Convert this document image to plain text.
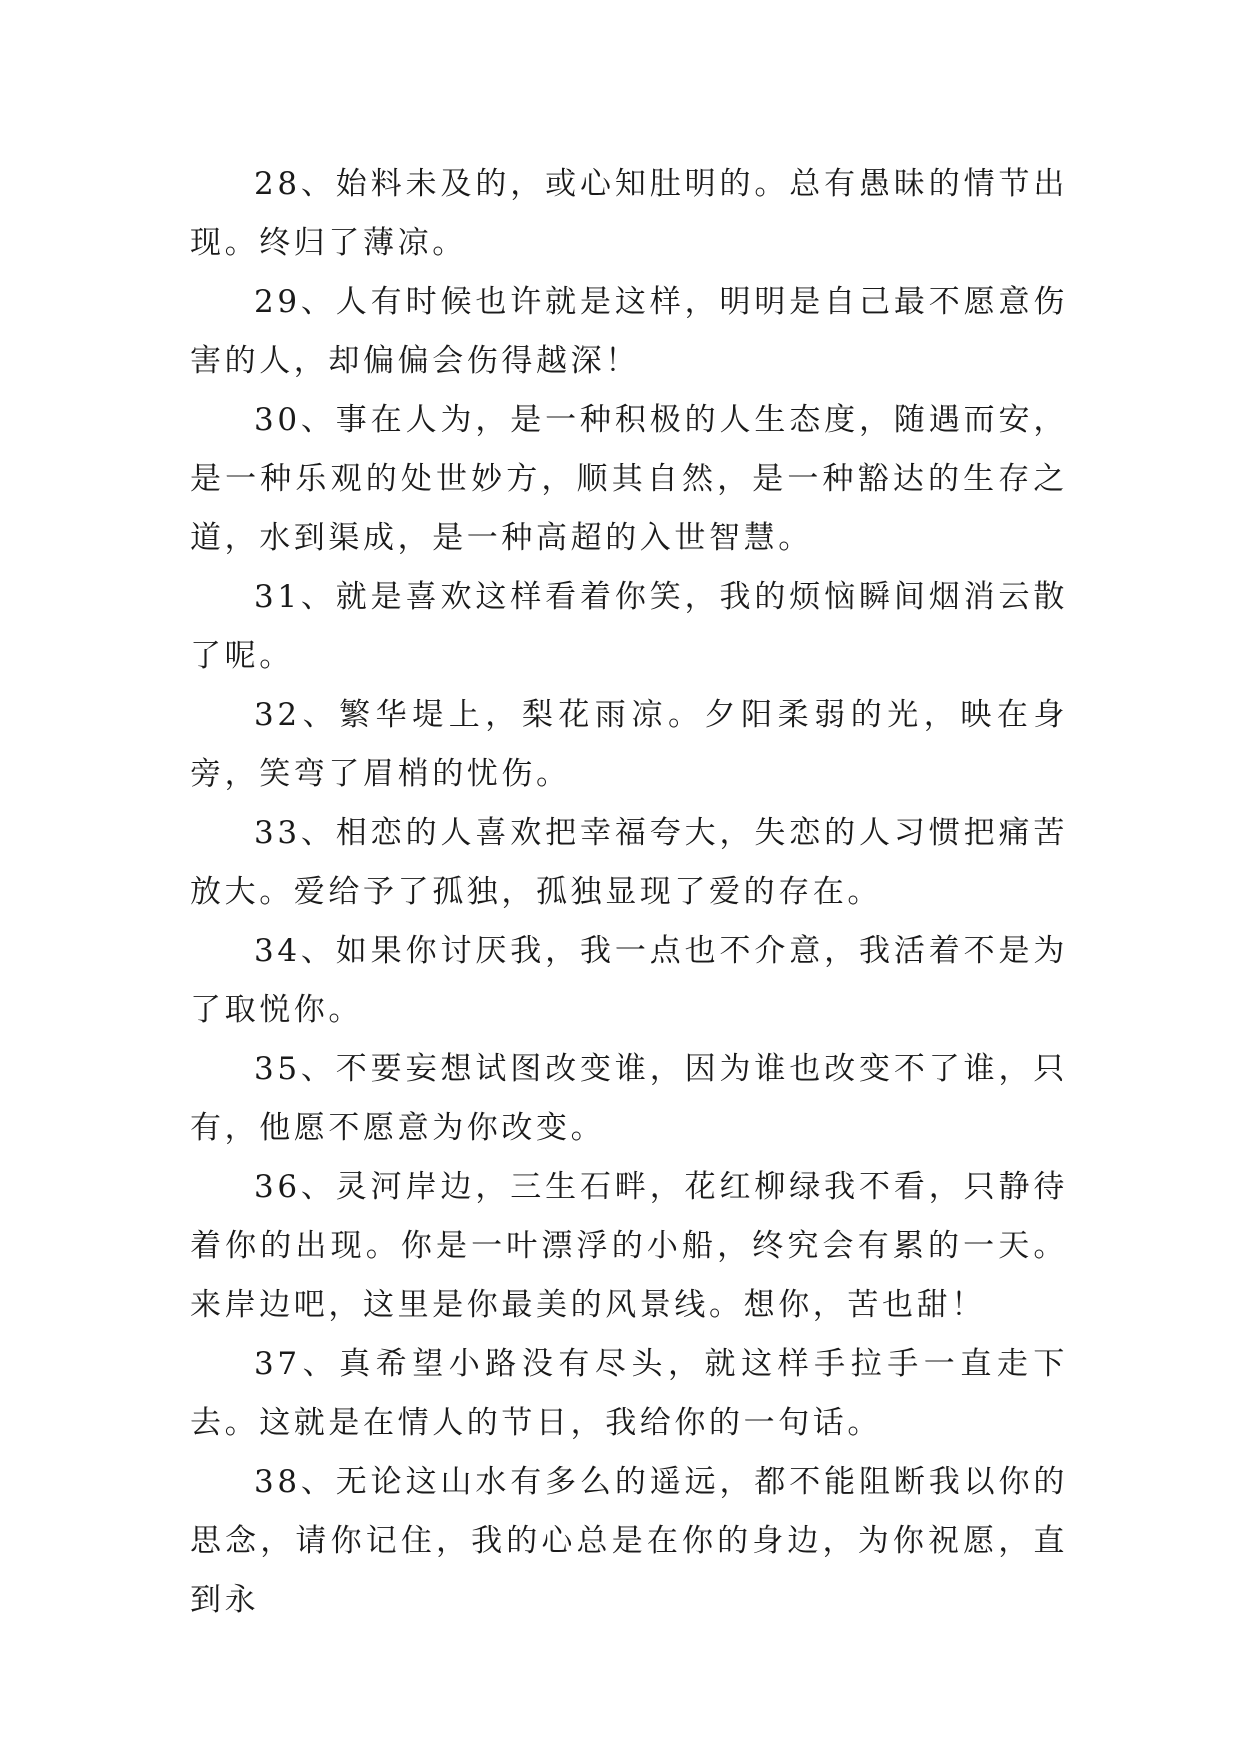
28、始料未及的，或心知肚明的。总有愚昧的情节出现。终归了薄凉。

29、人有时候也许就是这样，明明是自己最不愿意伤害的人，却偏偏会伤得越深！

30、事在人为，是一种积极的人生态度，随遇而安，是一种乐观的处世妙方，顺其自然，是一种豁达的生存之道，水到渠成，是一种高超的入世智慧。

31、就是喜欢这样看着你笑，我的烦恼瞬间烟消云散了呢。

32、繁华堤上，梨花雨凉。夕阳柔弱的光，映在身旁，笑弯了眉梢的忧伤。

33、相恋的人喜欢把幸福夸大，失恋的人习惯把痛苦放大。爱给予了孤独，孤独显现了爱的存在。

34、如果你讨厌我，我一点也不介意，我活着不是为了取悦你。

35、不要妄想试图改变谁，因为谁也改变不了谁，只有，他愿不愿意为你改变。

36、灵河岸边，三生石畔，花红柳绿我不看，只静待着你的出现。你是一叶漂浮的小船，终究会有累的一天。来岸边吧，这里是你最美的风景线。想你，苦也甜！

37、真希望小路没有尽头，就这样手拉手一直走下去。这就是在情人的节日，我给你的一句话。

38、无论这山水有多么的遥远，都不能阻断我以你的思念，请你记住，我的心总是在你的身边，为你祝愿，直到永
